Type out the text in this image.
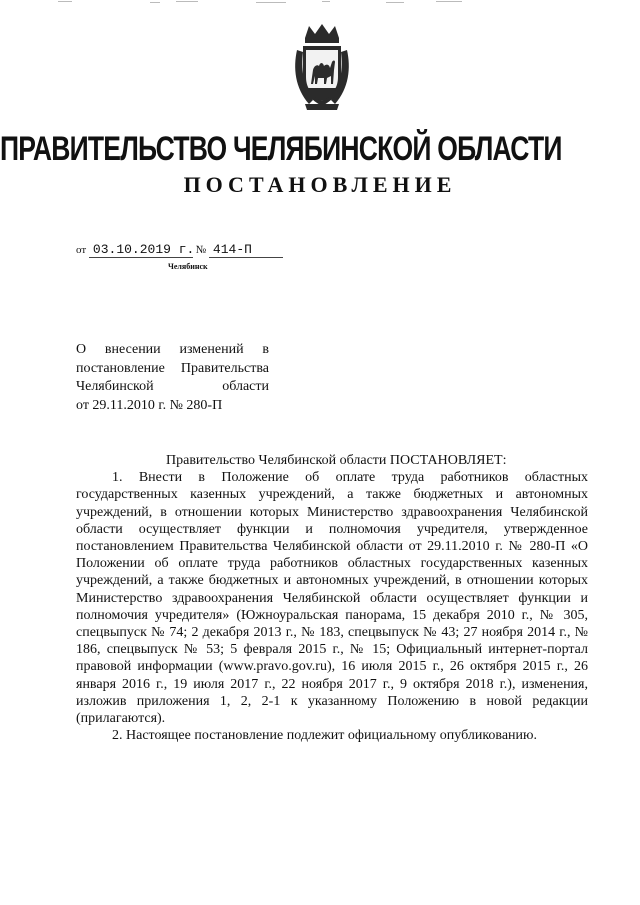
ПРАВИТЕЛЬСТВО ЧЕЛЯБИНСКОЙ ОБЛАСТИ
ПОСТАНОВЛЕНИЕ
от 03.10.2019 г. № 414-П
Челябинск
О внесении изменений в
постановление Правительства
Челябинской области
от 29.11.2010 г. № 280-П

Правительство Челябинской области ПОСТАНОВЛЯЕТ:

1. Внести в Положение об оплате труда работников областных государственных казенных учреждений, а также бюджетных и автономных учреждений, в отношении которых Министерство здравоохранения Челябинской области осуществляет функции и полномочия учредителя, утвержденное постановлением Правительства Челябинской области от 29.11.2010 г. № 280-П «О Положении об оплате труда работников областных государственных казенных учреждений, а также бюджетных и автономных учреждений, в отношении которых Министерство здравоохранения Челябинской области осуществляет функции и полномочия учредителя» (Южноуральская панорама, 15 декабря 2010 г., № 305, спецвыпуск № 74; 2 декабря 2013 г., № 183, спецвыпуск № 43; 27 ноября 2014 г., № 186, спецвыпуск № 53; 5 февраля 2015 г., № 15; Официальный интернет-портал правовой информации (www.pravo.gov.ru), 16 июля 2015 г., 26 октября 2015 г., 26 января 2016 г., 19 июля 2017 г., 22 ноября 2017 г., 9 октября 2018 г.), изменения, изложив приложения 1, 2, 2-1 к указанному Положению в новой редакции (прилагаются).

2. Настоящее постановление подлежит официальному опубликованию.
